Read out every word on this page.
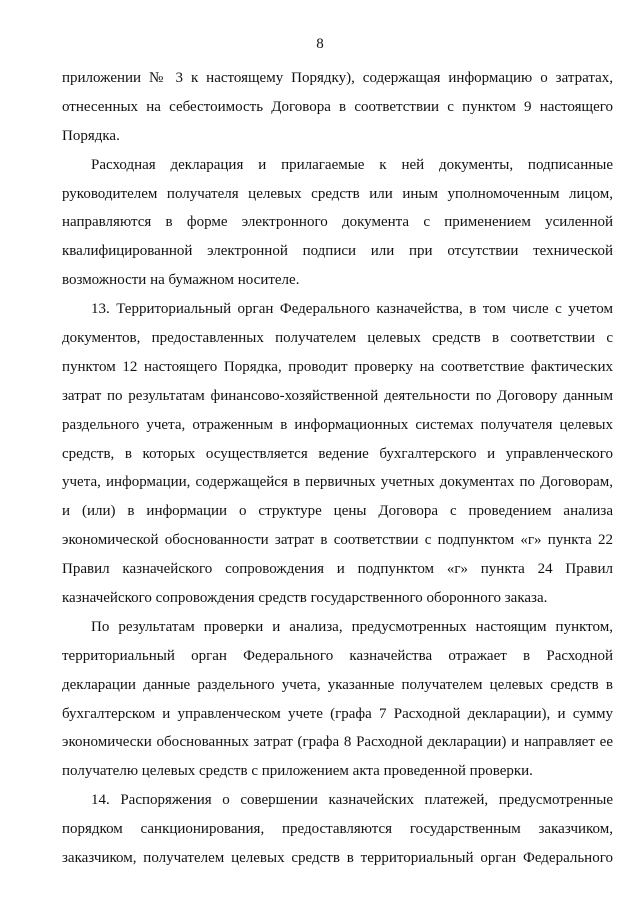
8
приложении № 3 к настоящему Порядку), содержащая информацию о затратах,
отнесенных на себестоимость Договора в соответствии с пунктом 9 настоящего
Порядка.
Расходная декларация и прилагаемые к ней документы, подписанные
руководителем получателя целевых средств или иным уполномоченным лицом,
направляются в форме электронного документа с применением усиленной
квалифицированной электронной подписи или при отсутствии технической
возможности на бумажном носителе.
13. Территориальный орган Федерального казначейства, в том числе с учетом
документов, предоставленных получателем целевых средств в соответствии с
пунктом 12 настоящего Порядка, проводит проверку на соответствие фактических
затрат по результатам финансово-хозяйственной деятельности по Договору данным
раздельного учета, отраженным в информационных системах получателя целевых
средств, в которых осуществляется ведение бухгалтерского и управленческого
учета, информации, содержащейся в первичных учетных документах по Договорам,
и (или) в информации о структуре цены Договора с проведением анализа
экономической обоснованности затрат в соответствии с подпунктом «г» пункта 22
Правил казначейского сопровождения и подпунктом «г» пункта 24 Правил
казначейского сопровождения средств государственного оборонного заказа.
По результатам проверки и анализа, предусмотренных настоящим пунктом,
территориальный орган Федерального казначейства отражает в Расходной
декларации данные раздельного учета, указанные получателем целевых средств в
бухгалтерском и управленческом учете (графа 7 Расходной декларации), и сумму
экономически обоснованных затрат (графа 8 Расходной декларации) и направляет ее
получателю целевых средств с приложением акта проведенной проверки.
14. Распоряжения о совершении казначейских платежей, предусмотренные
порядком санкционирования, предоставляются государственным заказчиком,
заказчиком, получателем целевых средств в территориальный орган Федерального
